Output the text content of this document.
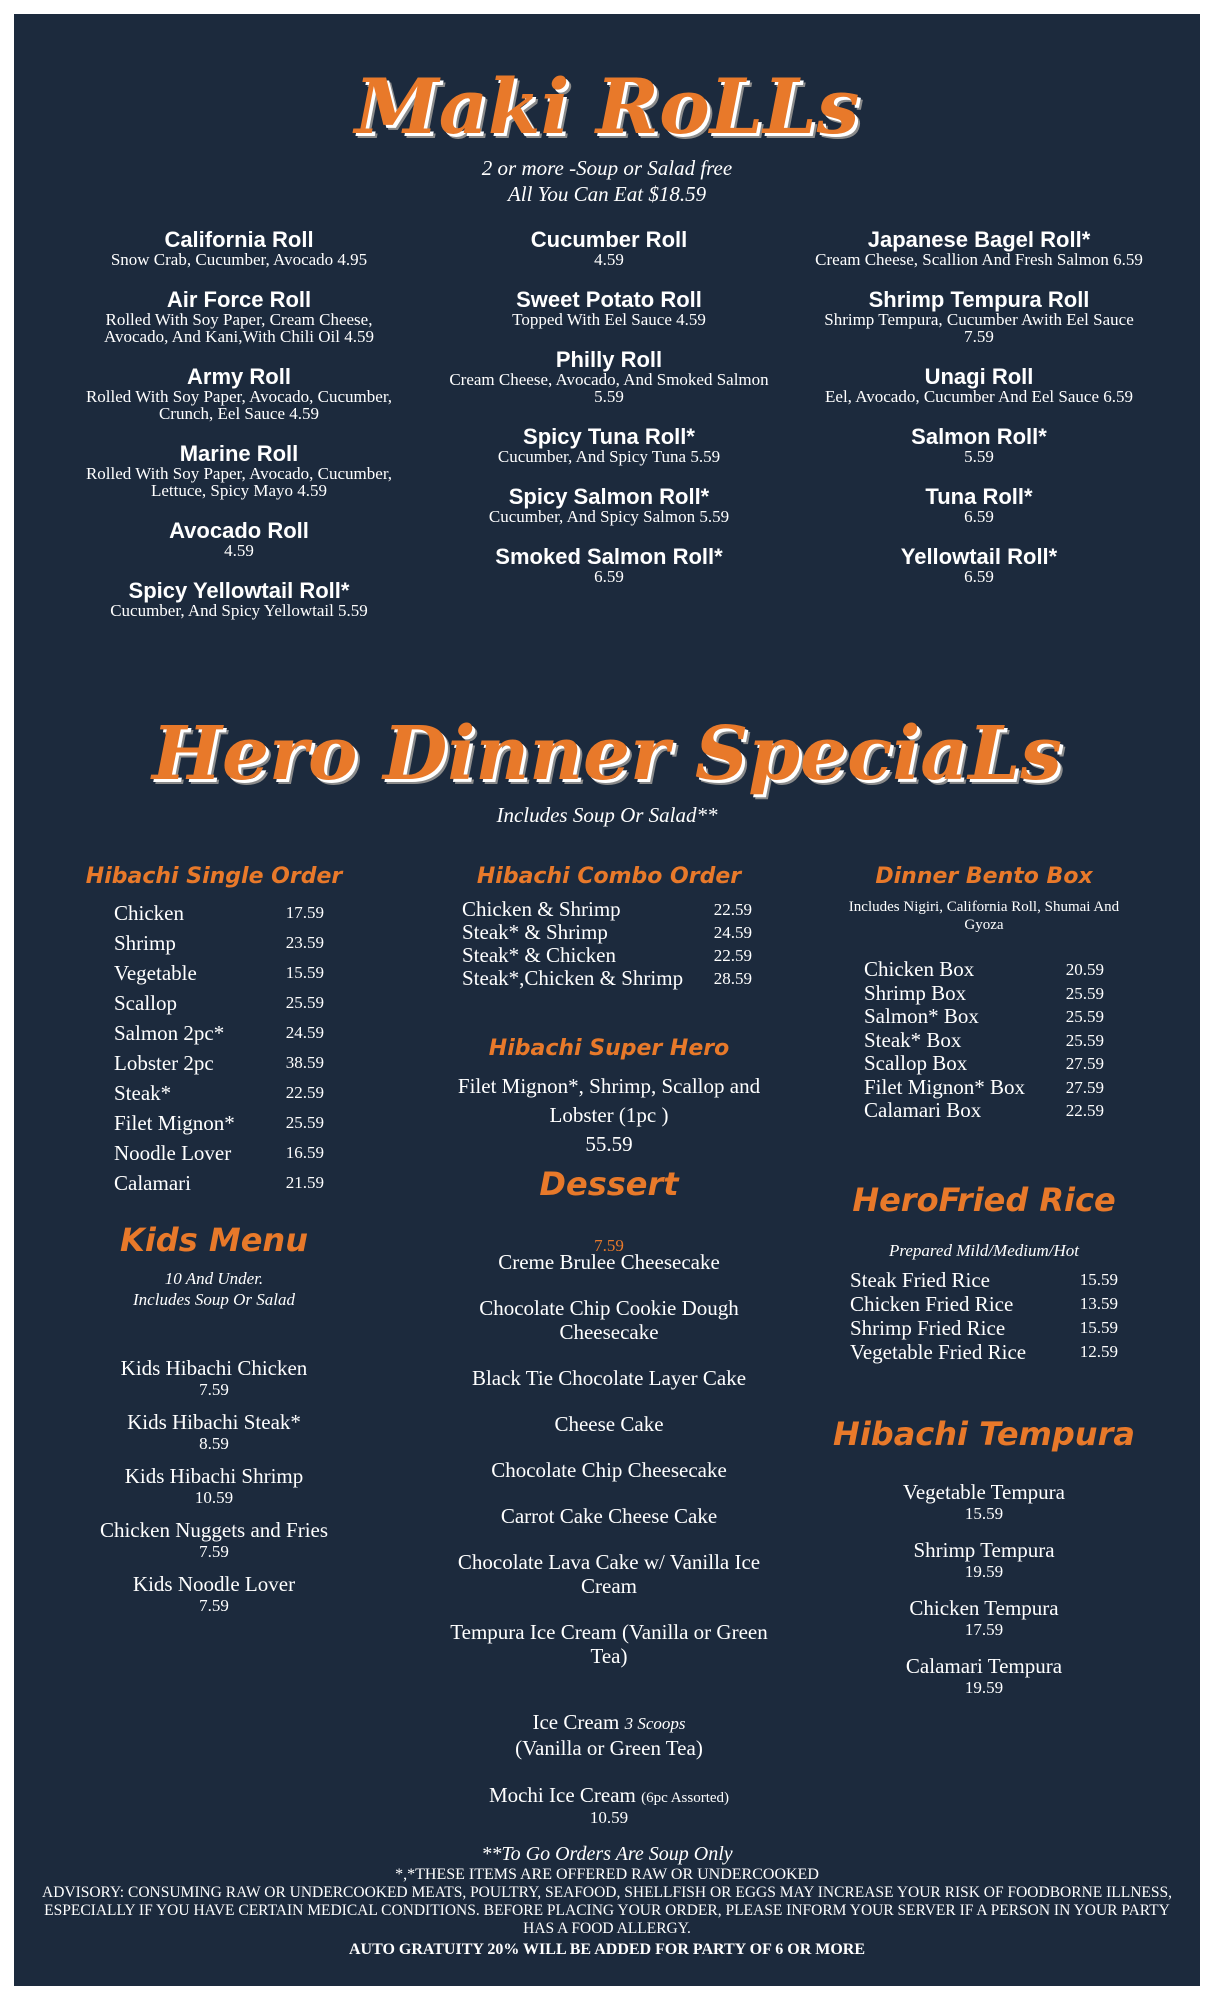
Maki RoLLs
2 or more -Soup or Salad free
All You Can Eat $18.59
California Roll
Snow Crab, Cucumber, Avocado 4.95
Air Force Roll
Rolled With Soy Paper, Cream Cheese, Avocado, And Kani,With Chili Oil 4.59
Army Roll
Rolled With Soy Paper, Avocado, Cucumber, Crunch, Eel Sauce 4.59
Marine Roll
Rolled With Soy Paper, Avocado, Cucumber, Lettuce, Spicy Mayo 4.59
Avocado Roll
4.59
Spicy Yellowtail Roll*
Cucumber, And Spicy Yellowtail 5.59
Cucumber Roll
4.59
Sweet Potato Roll
Topped With Eel Sauce 4.59
Philly Roll
Cream Cheese, Avocado, And Smoked Salmon 5.59
Spicy Tuna Roll*
Cucumber, And Spicy Tuna 5.59
Spicy Salmon Roll*
Cucumber, And Spicy Salmon 5.59
Smoked Salmon Roll*
6.59
Japanese Bagel Roll*
Cream Cheese, Scallion And Fresh Salmon 6.59
Shrimp Tempura Roll
Shrimp Tempura, Cucumber Awith Eel Sauce 7.59
Unagi Roll
Eel, Avocado, Cucumber And Eel Sauce 6.59
Salmon Roll*
5.59
Tuna Roll*
6.59
Yellowtail Roll*
6.59
Hero Dinner SpeciaLs
Includes Soup Or Salad**
Hibachi Single Order
Chicken	17.59
Shrimp	23.59
Vegetable	15.59
Scallop	25.59
Salmon 2pc*	24.59
Lobster 2pc	38.59
Steak*	22.59
Filet Mignon*	25.59
Noodle Lover	16.59
Calamari	21.59
Kids Menu
10 And Under.
Includes Soup Or Salad
Kids Hibachi Chicken
7.59
Kids Hibachi Steak*
8.59
Kids Hibachi Shrimp
10.59
Chicken Nuggets and Fries
7.59
Kids Noodle Lover
7.59
Hibachi Combo Order
Chicken & Shrimp	22.59
Steak* & Shrimp	24.59
Steak* & Chicken	22.59
Steak*,Chicken & Shrimp 28.59
Hibachi Super Hero
Filet Mignon*, Shrimp, Scallop and Lobster (1pc )
55.59
Dessert
7.59
Creme Brulee Cheesecake
Chocolate Chip Cookie Dough Cheesecake
Black Tie Chocolate Layer Cake
Cheese Cake
Chocolate Chip Cheesecake
Carrot Cake Cheese Cake
Chocolate Lava Cake w/ Vanilla Ice Cream
Tempura Ice Cream (Vanilla or Green Tea)
Ice Cream 3 Scoops
(Vanilla or Green Tea)
Mochi Ice Cream (6pc Assorted)
10.59
Dinner Bento Box
Includes Nigiri, California Roll, Shumai And Gyoza
Chicken Box	20.59
Shrimp Box	25.59
Salmon* Box	25.59
Steak* Box	25.59
Scallop Box	27.59
Filet Mignon* Box 27.59
Calamari Box	22.59
HeroFried Rice
Prepared Mild/Medium/Hot
Steak Fried Rice	15.59
Chicken Fried Rice	13.59
Shrimp Fried Rice	15.59
Vegetable Fried Rice	12.59
Hibachi Tempura
Vegetable Tempura
15.59
Shrimp Tempura
19.59
Chicken Tempura
17.59
Calamari Tempura
19.59
**To Go Orders Are Soup Only
*,*THESE ITEMS ARE OFFERED RAW OR UNDERCOOKED
ADVISORY: CONSUMING RAW OR UNDERCOOKED MEATS, POULTRY, SEAFOOD, SHELLFISH OR EGGS MAY INCREASE YOUR RISK OF FOODBORNE ILLNESS, ESPECIALLY IF YOU HAVE CERTAIN MEDICAL CONDITIONS. BEFORE PLACING YOUR ORDER, PLEASE INFORM YOUR SERVER IF A PERSON IN YOUR PARTY HAS A FOOD ALLERGY.
AUTO GRATUITY 20% WILL BE ADDED FOR PARTY OF 6 OR MORE
